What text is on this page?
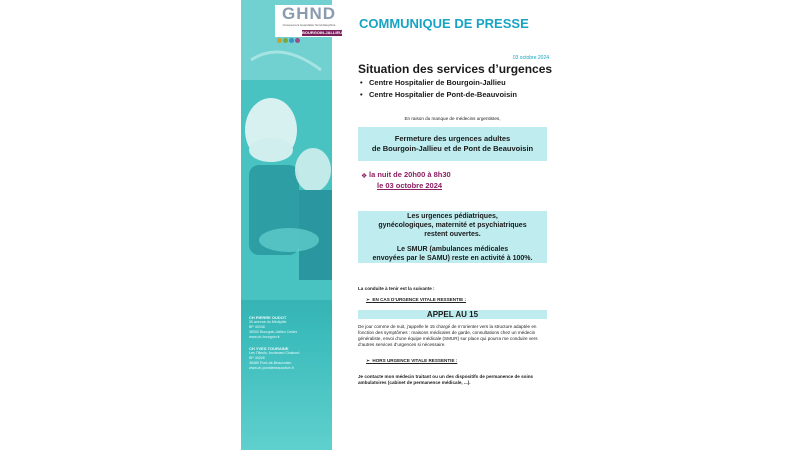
CH PIERRE OUDOT
30 avenue du Médipôle
BP 40348
38302 Bourgoin-Jallieu Cedex
www.ch-bourgoin.fr
CH YVES TOURAINE
Les Tilleuls, boulevard Chabord
BP 40026
38480 Pont-de-Beauvoisin
www.ch-pontdebeauvoisin.fr
GHND
Groupement Hospitalier Nord-Dauphiné
BOURGOIN-JALLIEU
COMMUNIQUE DE PRESSE
03 octobre 2024
Situation des services d’urgences
• Centre Hospitalier de Bourgoin-Jallieu
• Centre Hospitalier de Pont-de-Beauvoisin
En raison du manque de médecins urgentistes,
Fermeture des urgences adultes
de Bourgoin-Jallieu et de Pont de Beauvoisin
❖ la nuit de 20h00 à 8h30
le 03 octobre 2024
Les urgences pédiatriques,
gynécologiques, maternité et psychiatriques
restent ouvertes.
Le SMUR (ambulances médicales
envoyées par le SAMU) reste en activité à 100%.
La conduite à tenir est la suivante :
➢  EN CAS D’URGENCE VITALE RESSENTIE :
APPEL AU 15
De jour comme de nuit, j’appelle le 15 chargé de m’orienter vers la structure adaptée en fonction des symptômes : maisons médicales de garde, consultations chez un médecin généraliste, envoi d’une équipe médicale (SMUR) sur place qui pourra me conduire vers d’autres services d’urgences si nécessaire.
➢  HORS URGENCE VITALE RESSENTIE :
Je contacte mon médecin traitant ou un des dispositifs de permanence de soins ambulatoires (cabinet de permanence médicale, ...).
